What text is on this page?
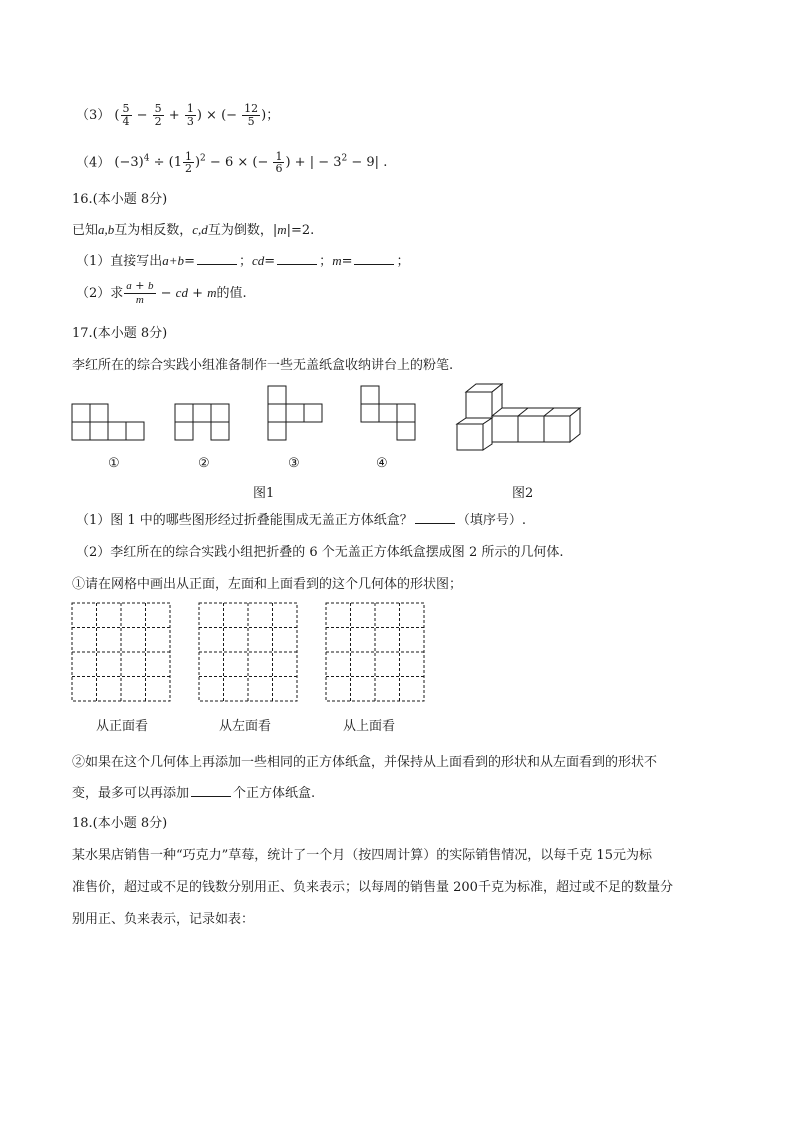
（3） ( $\frac{5}{4} - \frac{5}{2} + \frac{1}{3}$ ) × (− $\frac{12}{5}$ )；
（4） $(-3)^4 \div (1 \frac{1}{2} )^2 - 6$ × (− $\frac{1}{6}$ ) + | − $3^2 - 9|$ .
16.(本小题 8分)
已知a,b互为相反数，c,d互为倒数，|m|=2.
（1）直接写出a+b=	；cd=	；m=	；
（2）求 $\frac{a + b}{m}$ − cd + m的值.
17.(本小题 8分)
李红所在的综合实践小组准备制作一些无盖纸盒收纳讲台上的粉笔.
①	②	③	④
图1	图2
（1）图 1 中的哪些图形经过折叠能围成无盖正方体纸盒？	（填序号）.
（2）李红所在的综合实践小组把折叠的 6 个无盖正方体纸盒摆成图 2 所示的几何体.
①请在网格中画出从正面，左面和上面看到的这个几何体的形状图；
从正面看	从左面看	从上面看
②如果在这个几何体上再添加一些相同的正方体纸盒，并保持从上面看到的形状和从左面看到的形状不
变，最多可以再添加	个正方体纸盒.
18.(本小题 8分)
某水果店销售一种“巧克力”草莓，统计了一个月（按四周计算）的实际销售情况，以每千克 15元为标
准售价，超过或不足的钱数分别用正、负来表示；以每周的销售量 200千克为标准，超过或不足的数量分
别用正、负来表示，记录如表：
